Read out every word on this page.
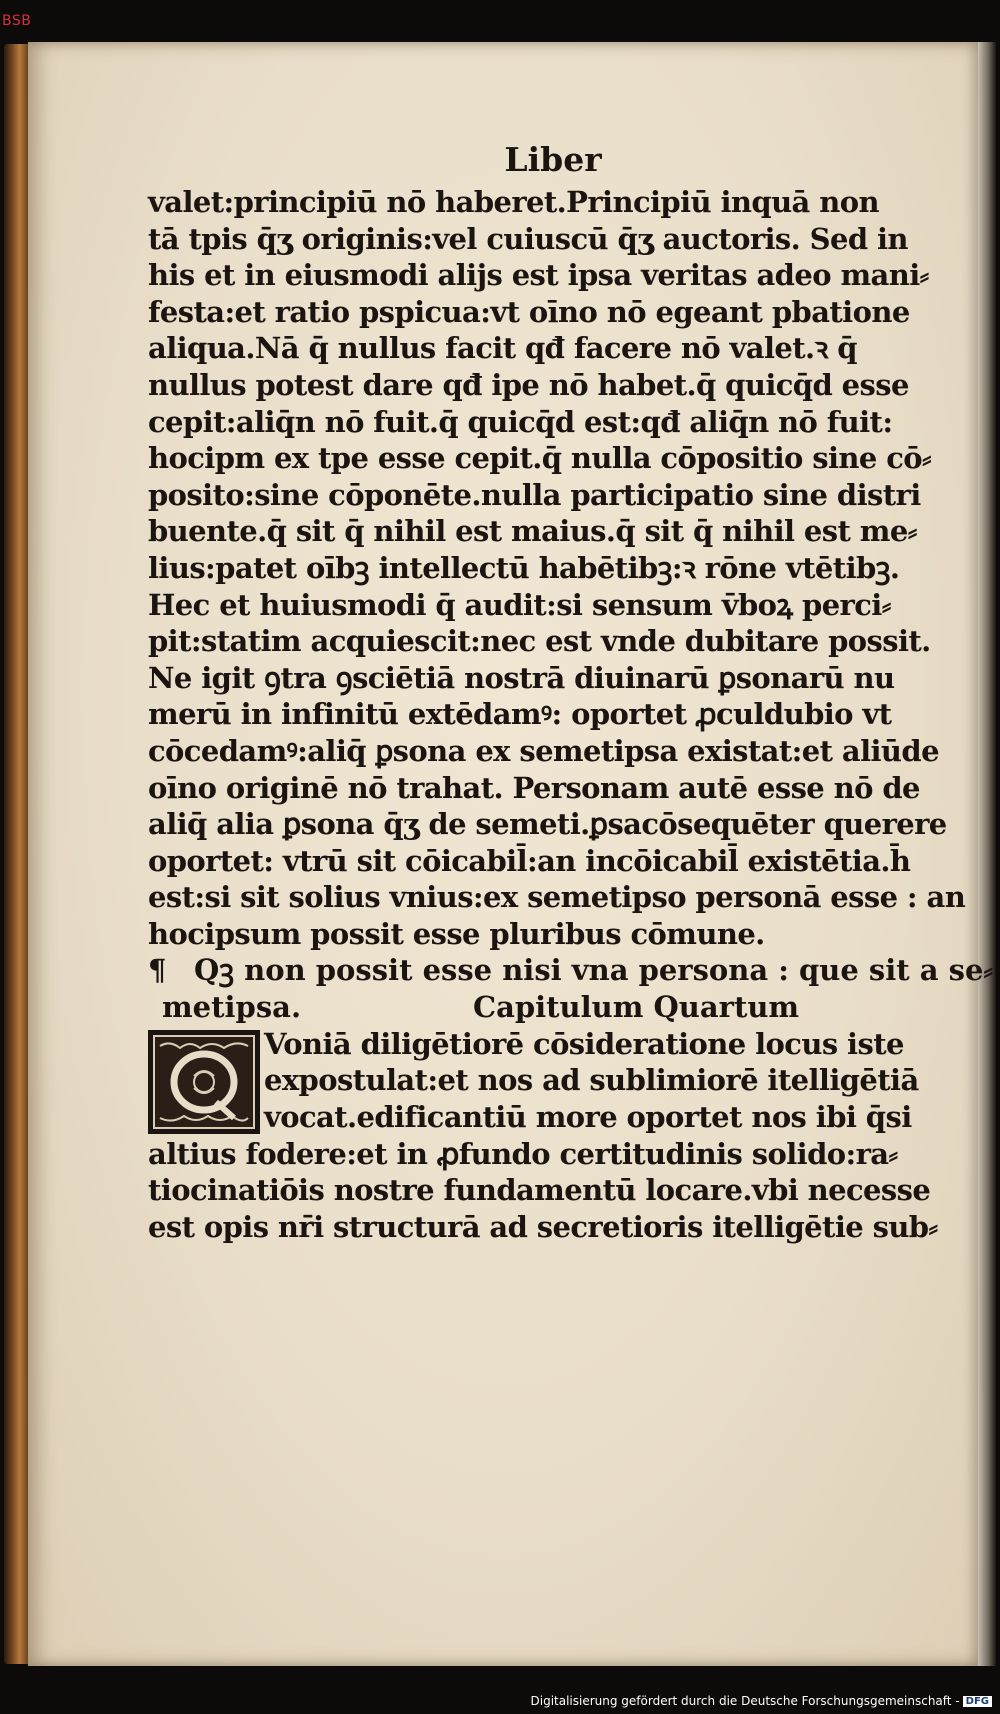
BSB
Liber
valet:principiū nō haberet.Principiū inquā non
tā tpis q̄ʒ originis:vel cuiuscū q̄ʒ auctoris. Sed in
his et in eiusmodi alijs est ipsa veritas adeo mani⸗
festa:et ratio pspicua:vt oīno nō egeant pbatione
aliqua.Nā q̄ nullus facit qđ facere nō valet.ꝛ q̄
nullus potest dare qđ ipe nō habet.q̄ quicq̄d esse
cepit:aliq̄n nō fuit.q̄ quicq̄d est:qđ aliq̄n nō fuit:
hocipm ex tpe esse cepit.q̄ nulla cōpositio sine cō⸗
posito:sine cōponēte.nulla participatio sine distri
buente.q̄ sit q̄ nihil est maius.q̄ sit q̄ nihil est me⸗
lius:patet oībꝫ intellectū habētibꝫ:ꝛ rōne vtētibꝫ.
Hec et huiusmodi q̄ audit:si sensum v̄boꝝ perci⸗
pit:statim acquiescit:nec est vnde dubitare possit.
Ne igit ꝯtra ꝯsciētiā nostrā diuinarū ꝑsonarū nu
merū in infinitū extēdamꝰ: oportet ꝓculdubio vt
cōcedamꝰ:aliq̄ ꝑsona ex semetipsa existat:et aliūde
oīno originē nō trahat. Personam autē esse nō de
aliq̄ alia ꝑsona q̄ʒ de semeti.ꝑsacōsequēter querere
oportet: vtrū sit cōicabil̄:an incōicabil̄ existētia.h̄
est:si sit solius vnius:ex semetipso personā esse : an
hocipsum possit esse pluribus cōmune.
¶ Qꝫ non possit esse nisi vna persona : que sit a se⸗
metipsa.	Capitulum Quartum
Voniā diligētiorē cōsideratione locus iste
expostulat:et nos ad sublimiorē itelligētiā
vocat.edificantiū more oportet nos ibi q̄si
altius fodere:et in ꝓfundo certitudinis solido:ra⸗
tiocinatiōis nostre fundamentū locare.vbi necesse
est opis nr̄i structurā ad secretioris itelligētie sub⸗
Digitalisierung gefördert durch die Deutsche Forschungsgemeinschaft - DFG
